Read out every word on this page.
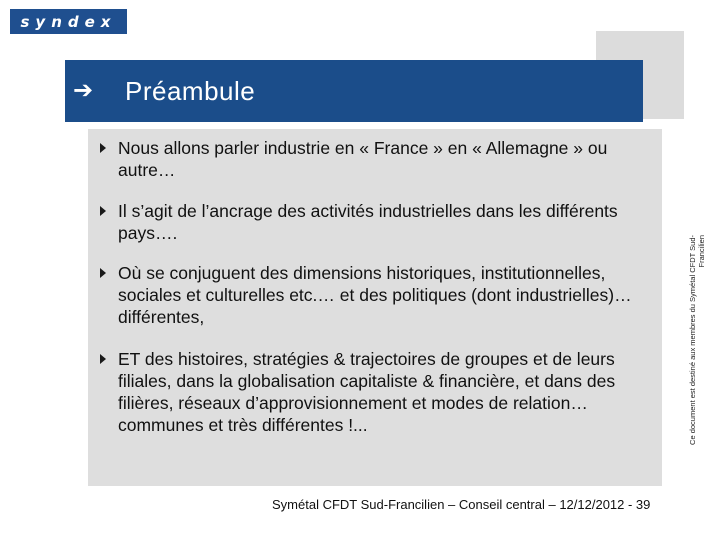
syndex
➔ Préambule
Nous allons parler industrie en « France » en « Allemagne » ou autre…
Il s’agit de l’ancrage des activités industrielles dans les différents pays….
Où se conjuguent des dimensions historiques, institutionnelles, sociales et culturelles etc.… et des politiques (dont industrielles)… différentes,
ET des histoires, stratégies & trajectoires de groupes et de leurs filiales, dans la globalisation capitaliste & financière, et dans des filières, réseaux d’approvisionnement et modes de relation… communes et très différentes !...
Symétal CFDT Sud-Francilien – Conseil central – 12/12/2012 - 39
Ce document est destiné aux membres du Symétal CFDT Sud-Francilien
